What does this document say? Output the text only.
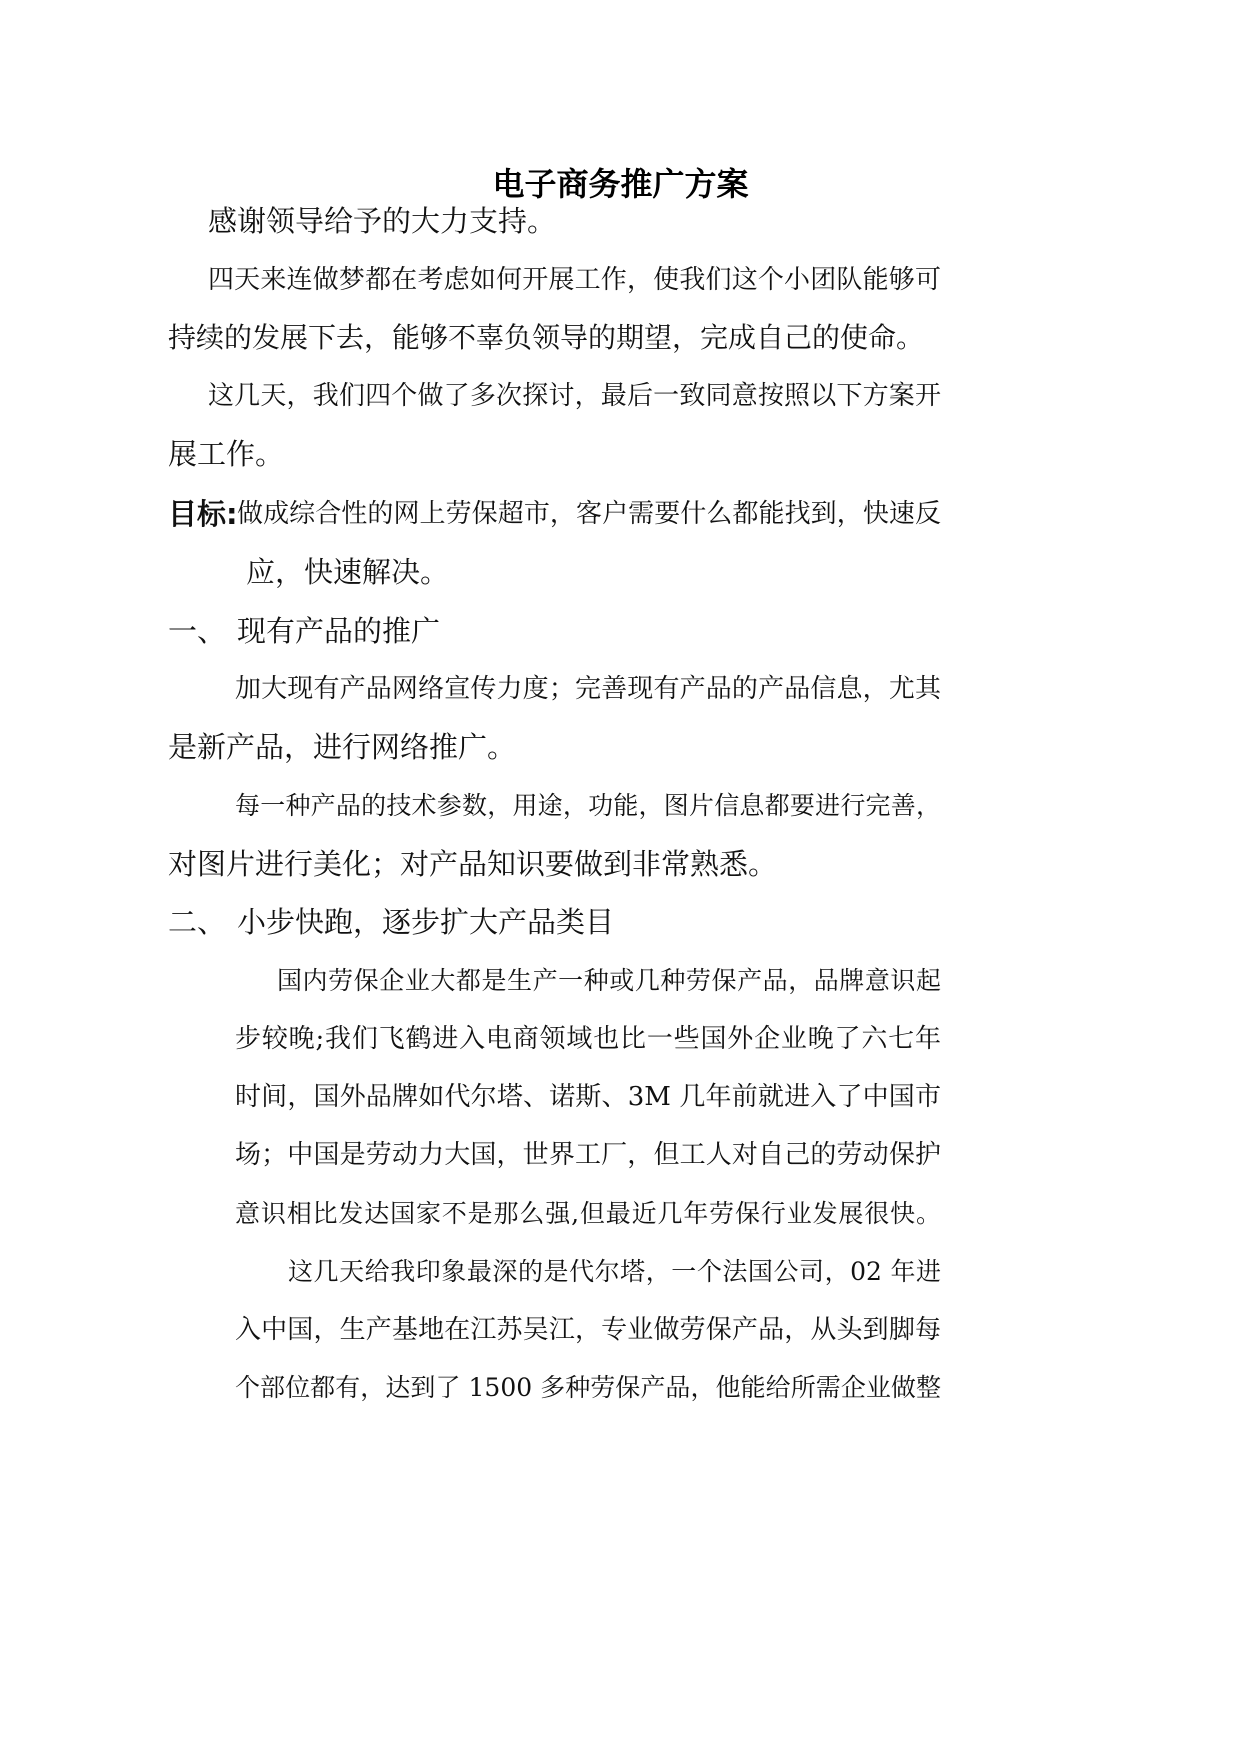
电子商务推广方案

感谢领导给予的大力支持。

四天来连做梦都在考虑如何开展工作，使我们这个小团队能够可

持续的发展下去，能够不辜负领导的期望，完成自己的使命。

这几天，我们四个做了多次探讨，最后一致同意按照以下方案开

展工作。

目标: 做成综合性的网上劳保超市，客户需要什么都能找到，快速反

应，快速解决。

一、 现有产品的推广

加大现有产品网络宣传力度；完善现有产品的产品信息，尤其

是新产品，进行网络推广。

每一种产品的技术参数，用途，功能，图片信息都要进行完善，

对图片进行美化；对产品知识要做到非常熟悉。

二、 小步快跑，逐步扩大产品类目

国内劳保企业大都是生产一种或几种劳保产品，品牌意识起

步较晚;我们飞鹤进入电商领域也比一些国外企业晚了六七年

时间，国外品牌如代尔塔、诺斯、3M 几年前就进入了中国市

场；中国是劳动力大国，世界工厂，但工人对自己的劳动保护

意识相比发达国家不是那么强,但最近几年劳保行业发展很快。

这几天给我印象最深的是代尔塔，一个法国公司，02 年进

入中国，生产基地在江苏吴江，专业做劳保产品，从头到脚每

个部位都有，达到了 1500 多种劳保产品，他能给所需企业做整
